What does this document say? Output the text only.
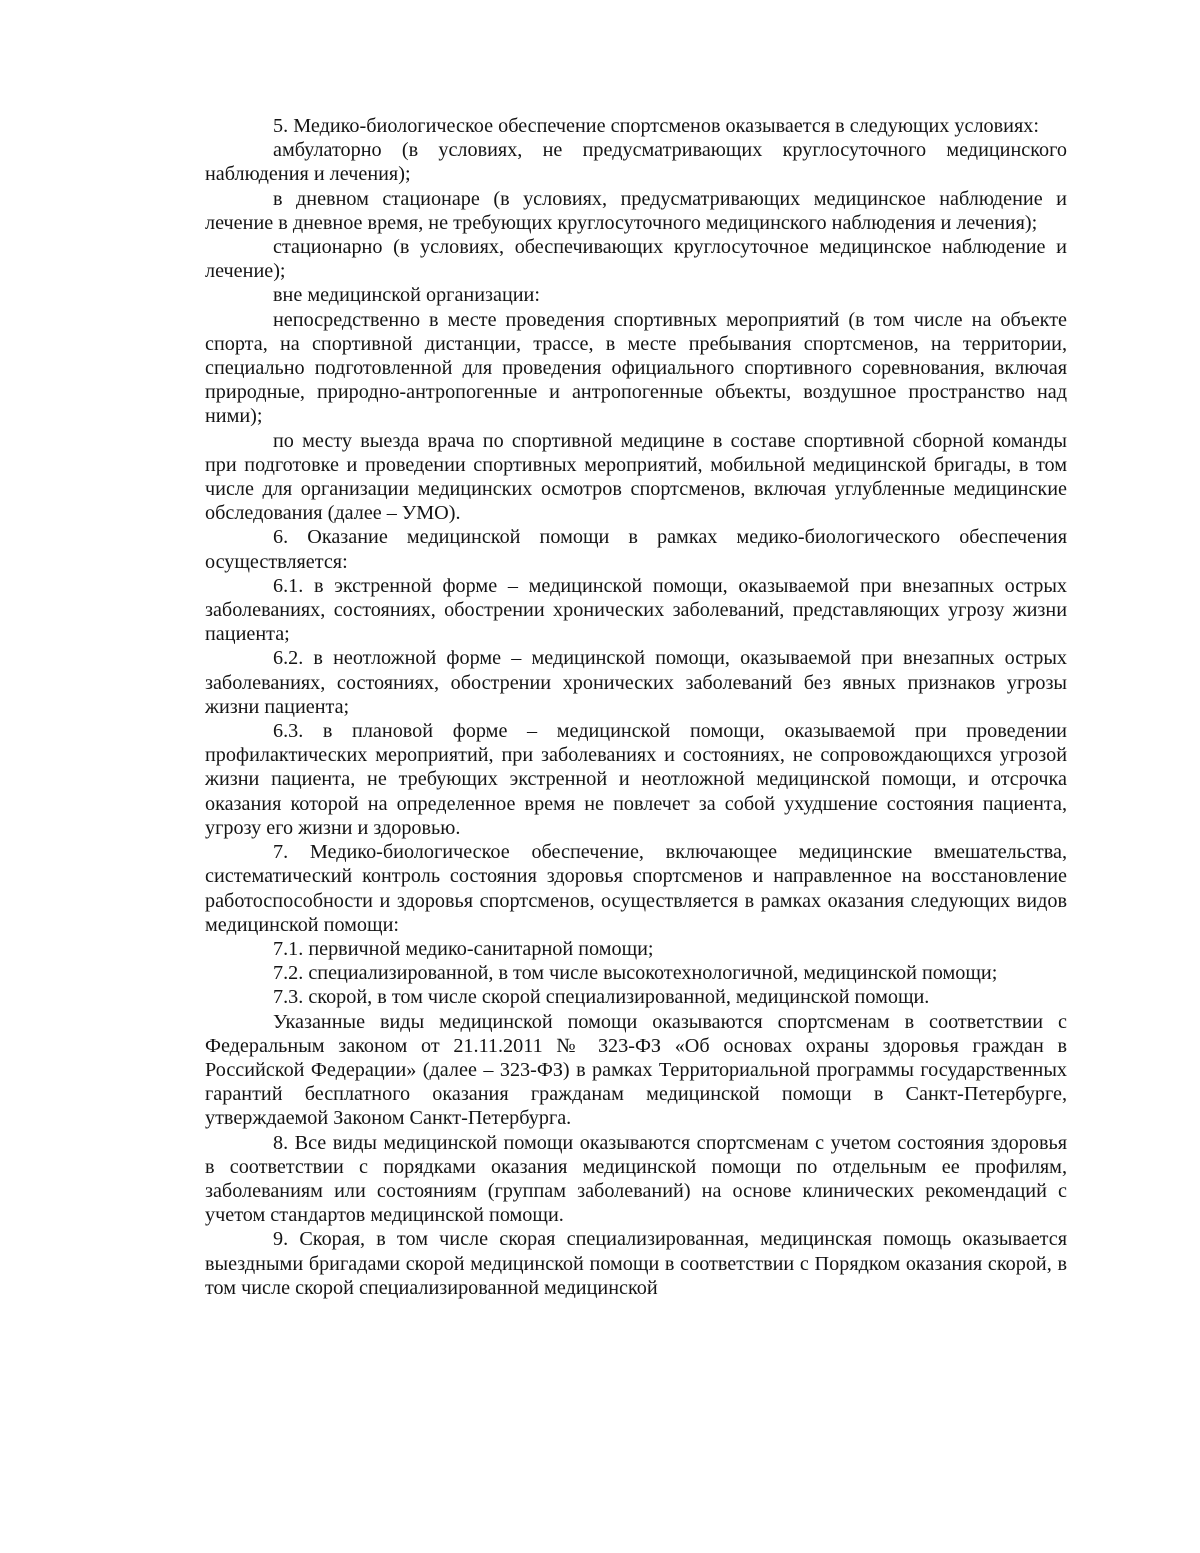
5. Медико-биологическое обеспечение спортсменов оказывается в следующих условиях:

амбулаторно (в условиях, не предусматривающих круглосуточного медицинского наблюдения и лечения);

в дневном стационаре (в условиях, предусматривающих медицинское наблюдение и лечение в дневное время, не требующих круглосуточного медицинского наблюдения и лечения);

стационарно (в условиях, обеспечивающих круглосуточное медицинское наблюдение и лечение);

вне медицинской организации:

непосредственно в месте проведения спортивных мероприятий (в том числе на объекте спорта, на спортивной дистанции, трассе, в месте пребывания спортсменов, на территории, специально подготовленной для проведения официального спортивного соревнования, включая природные, природно-антропогенные и антропогенные объекты, воздушное пространство над ними);

по месту выезда врача по спортивной медицине в составе спортивной сборной команды при подготовке и проведении спортивных мероприятий, мобильной медицинской бригады, в том числе для организации медицинских осмотров спортсменов, включая углубленные медицинские обследования (далее – УМО).

6. Оказание медицинской помощи в рамках медико-биологического обеспечения осуществляется:

6.1. в экстренной форме – медицинской помощи, оказываемой при внезапных острых заболеваниях, состояниях, обострении хронических заболеваний, представляющих угрозу жизни пациента;

6.2. в неотложной форме – медицинской помощи, оказываемой при внезапных острых заболеваниях, состояниях, обострении хронических заболеваний без явных признаков угрозы жизни пациента;

6.3. в плановой форме – медицинской помощи, оказываемой при проведении профилактических мероприятий, при заболеваниях и состояниях, не сопровождающихся угрозой жизни пациента, не требующих экстренной и неотложной медицинской помощи, и отсрочка оказания которой на определенное время не повлечет за собой ухудшение состояния пациента, угрозу его жизни и здоровью.

7. Медико-биологическое обеспечение, включающее медицинские вмешательства, систематический контроль состояния здоровья спортсменов и направленное на восстановление работоспособности и здоровья спортсменов, осуществляется в рамках оказания следующих видов медицинской помощи:

7.1. первичной медико-санитарной помощи;

7.2. специализированной, в том числе высокотехнологичной, медицинской помощи;

7.3. скорой, в том числе скорой специализированной, медицинской помощи.

Указанные виды медицинской помощи оказываются спортсменам в соответствии с Федеральным законом от 21.11.2011 № 323-ФЗ «Об основах охраны здоровья граждан в Российской Федерации» (далее – 323-ФЗ) в рамках Территориальной программы государственных гарантий бесплатного оказания гражданам медицинской помощи в Санкт-Петербурге, утверждаемой Законом Санкт-Петербурга.

8. Все виды медицинской помощи оказываются спортсменам с учетом состояния здоровья в соответствии с порядками оказания медицинской помощи по отдельным ее профилям, заболеваниям или состояниям (группам заболеваний) на основе клинических рекомендаций с учетом стандартов медицинской помощи.

9. Скорая, в том числе скорая специализированная, медицинская помощь оказывается выездными бригадами скорой медицинской помощи в соответствии с Порядком оказания скорой, в том числе скорой специализированной медицинской
